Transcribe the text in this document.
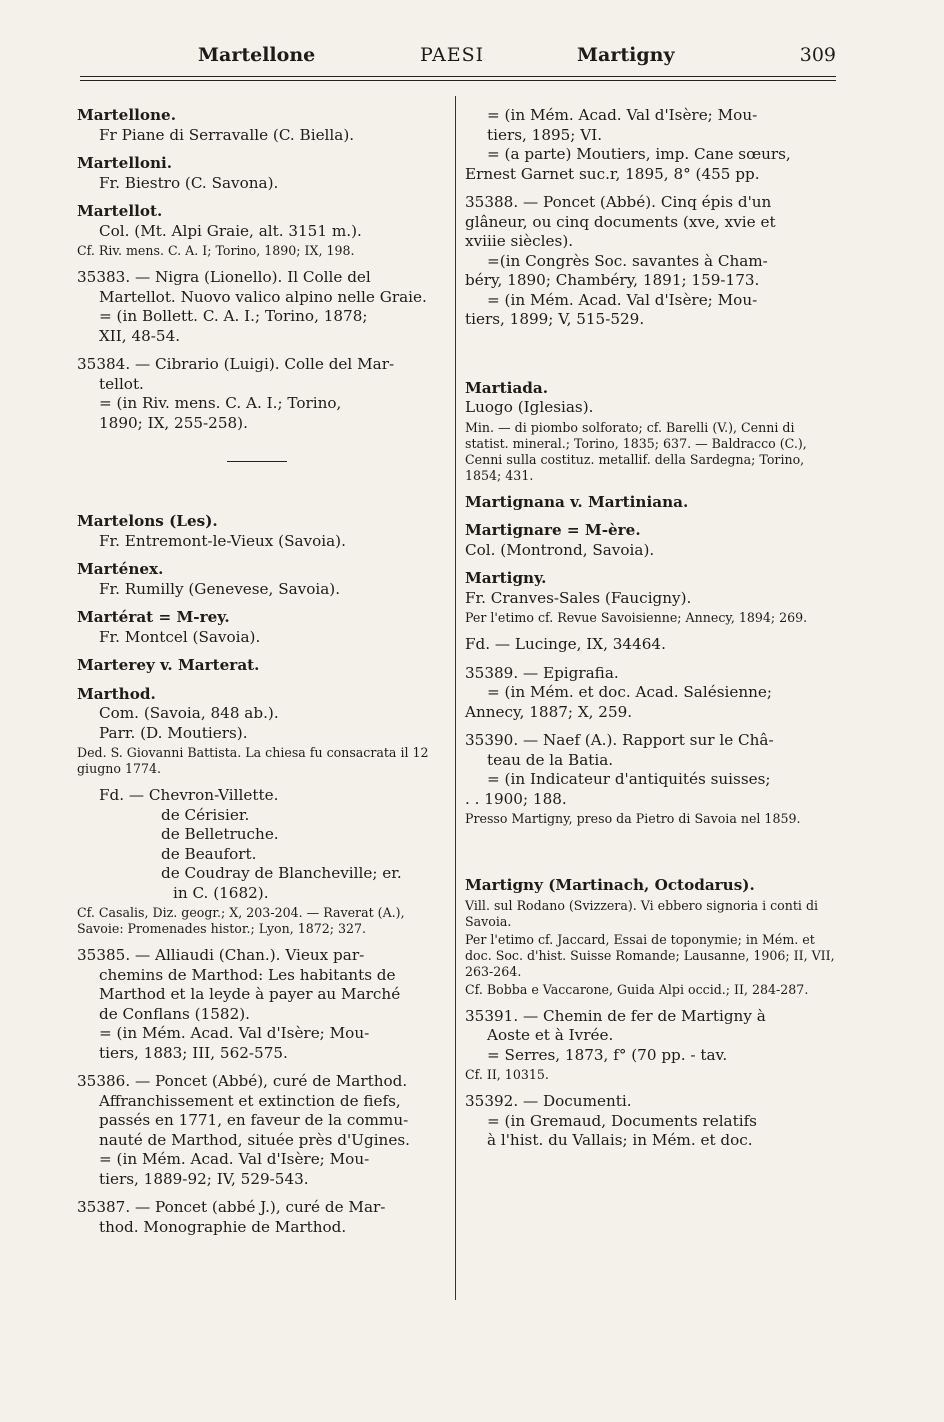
Martellone	PAESI	Martigny	309

Martellone.

Fr Piane di Serravalle (C. Biella).

Martelloni.

Fr. Biestro (C. Savona).

Martellot.

Col. (Mt. Alpi Graie, alt. 3151 m.).

Cf. Riv. mens. C. A. I; Torino, 1890; IX, 198.

35383. — Nigra (Lionello). Il Colle del

Martellot. Nuovo valico alpino nelle Graie.

= (in Bollett. C. A. I.; Torino, 1878;

XII, 48-54.

35384. — Cibrario (Luigi). Colle del Mar-

tellot.

= (in Riv. mens. C. A. I.; Torino,

1890; IX, 255-258).

Martelons (Les).

Fr. Entremont-le-Vieux (Savoia).

Marténex.

Fr. Rumilly (Genevese, Savoia).

Martérat = M-rey.

Fr. Montcel (Savoia).

Marterey v. Marterat.

Marthod.

Com. (Savoia, 848 ab.).

Parr. (D. Moutiers).

Ded. S. Giovanni Battista. La chiesa fu consacrata il 12 giugno 1774.

Fd. — Chevron-Villette.

de Cérisier.

de Belletruche.

de Beaufort.

de Coudray de Blancheville; er.

in C. (1682).

Cf. Casalis, Diz. geogr.; X, 203-204. — Raverat (A.), Savoie: Promenades histor.; Lyon, 1872; 327.

35385. — Alliaudi (Chan.). Vieux par-

chemins de Marthod: Les habitants de

Marthod et la leyde à payer au Marché

de Conflans (1582).

= (in Mém. Acad. Val d'Isère; Mou-

tiers, 1883; III, 562-575.

35386. — Poncet (Abbé), curé de Marthod.

Affranchissement et extinction de fiefs,

passés en 1771, en faveur de la commu-

nauté de Marthod, située près d'Ugines.

= (in Mém. Acad. Val d'Isère; Mou-

tiers, 1889-92; IV, 529-543.

35387. — Poncet (abbé J.), curé de Mar-

thod. Monographie de Marthod.

= (in Mém. Acad. Val d'Isère; Mou-

tiers, 1895; VI.

= (a parte) Moutiers, imp. Cane sœurs,

Ernest Garnet suc.r, 1895, 8° (455 pp.

35388. — Poncet (Abbé). Cinq épis d'un

glâneur, ou cinq documents (xve, xvie et

xviiie siècles).

=(in Congrès Soc. savantes à Cham-

béry, 1890; Chambéry, 1891; 159-173.

= (in Mém. Acad. Val d'Isère; Mou-

tiers, 1899; V, 515-529.

Martiada.

Luogo (Iglesias).

Min. — di piombo solforato; cf. Barelli (V.), Cenni di statist. mineral.; Torino, 1835; 637. — Baldracco (C.), Cenni sulla costituz. metallif. della Sardegna; Torino, 1854; 431.

Martignana v. Martiniana.

Martignare = M-ère.

Col. (Montrond, Savoia).

Martigny.

Fr. Cranves-Sales (Faucigny).

Per l'etimo cf. Revue Savoisienne; Annecy, 1894; 269.

Fd. — Lucinge, IX, 34464.

35389. — Epigrafia.

= (in Mém. et doc. Acad. Salésienne;

Annecy, 1887; X, 259.

35390. — Naef (A.). Rapport sur le Châ-

teau de la Batia.

= (in Indicateur d'antiquités suisses;

. . 1900; 188.

Presso Martigny, preso da Pietro di Savoia nel 1859.

Martigny (Martinach, Octodarus).

Vill. sul Rodano (Svizzera). Vi ebbero signoria i conti di Savoia.

Per l'etimo cf. Jaccard, Essai de toponymie; in Mém. et doc. Soc. d'hist. Suisse Romande; Lausanne, 1906; II, VII, 263-264.

Cf. Bobba e Vaccarone, Guida Alpi occid.; II, 284-287.

35391. — Chemin de fer de Martigny à

Aoste et à Ivrée.

= Serres, 1873, f° (70 pp. - tav.

Cf. II, 10315.

35392. — Documenti.

= (in Gremaud, Documents relatifs

à l'hist. du Vallais; in Mém. et doc.
